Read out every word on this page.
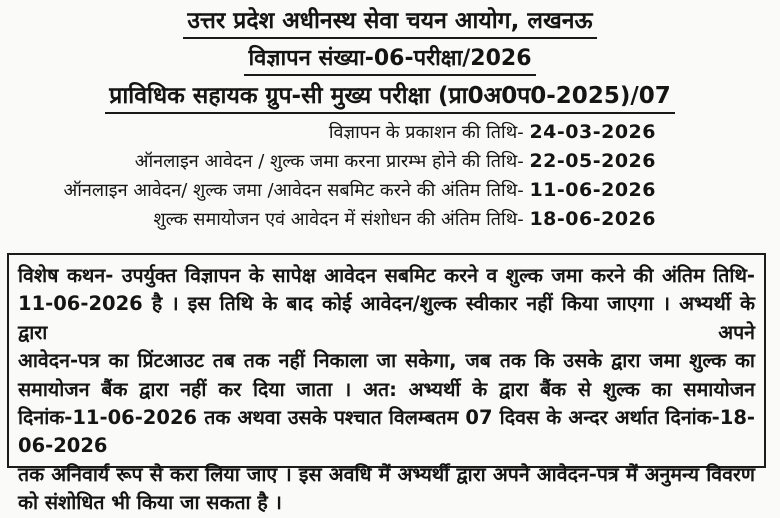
उत्तर प्रदेश अधीनस्थ सेवा चयन आयोग, लखनऊ
विज्ञापन संख्या-06-परीक्षा/2026
प्राविधिक सहायक ग्रुप-सी मुख्य परीक्षा (प्रा0अ0प0-2025)/07
विज्ञापन के प्रकाशन की तिथि- 24-03-2026
ऑनलाइन आवेदन / शुल्क जमा करना प्रारम्भ होने की तिथि- 22-05-2026
ऑनलाइन आवेदन/ शुल्क जमा /आवेदन सबमिट करने की अंतिम तिथि- 11-06-2026
शुल्क समायोजन एवं आवेदन में संशोधन की अंतिम तिथि- 18-06-2026
विशेष कथन- उपर्युक्त विज्ञापन के सापेक्ष आवेदन सबमिट करने व शुल्क जमा करने की अंतिम तिथि-
11-06-2026 है । इस तिथि के बाद कोई आवेदन/शुल्क स्वीकार नहीं किया जाएगा । अभ्यर्थी के द्वारा अपने
आवेदन-पत्र का प्रिंटआउट तब तक नहीं निकाला जा सकेगा, जब तक कि उसके द्वारा जमा शुल्क का
समायोजन बैंक द्वारा नहीं कर दिया जाता । अत: अभ्यर्थी के द्वारा बैंक से शुल्क का समायोजन
दिनांक-11-06-2026 तक अथवा उसके पश्चात विलम्बतम 07 दिवस के अन्दर अर्थात दिनांक-18-06-2026
तक अनिवार्य रूप से करा लिया जाए । इस अवधि में अभ्यर्थी द्वारा अपने आवेदन-पत्र में अनुमन्य विवरण
को संशोधित भी किया जा सकता है ।
